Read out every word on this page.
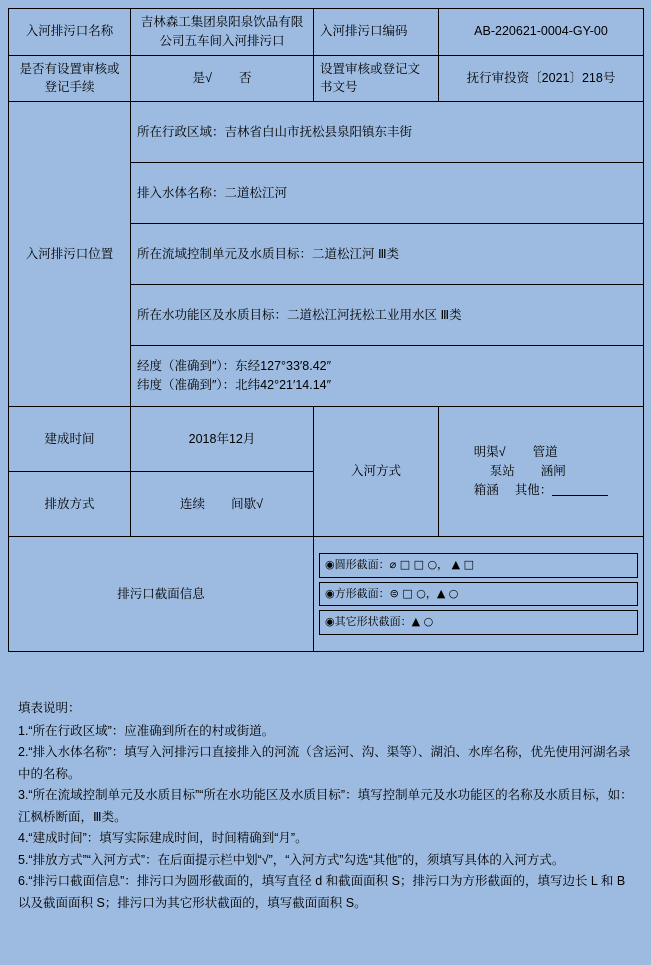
入河排污口名称	吉林森工集团泉阳泉饮品有限公司五车间入河排污口	入河排污口编码	AB-220621-0004-GY-00
是否有设置审核或登记手续	是√ 否	设置审核或登记文书文号	抚行审投资〔2021〕218号
入河排污口位置	所在行政区域：吉林省白山市抚松县泉阳镇东丰街		
	排入水体名称：二道松江河		
	所在流域控制单元及水质目标：二道松江河 Ⅲ类		
	所在水功能区及水质目标：二道松江河抚松工业用水区 Ⅲ类		

	经度（准确到″）：东经127°33′8.42″
纬度（准确到″）：北纬42°21′14.14″		

建成时间	2018年12月	入河方式	明渠√ 管道
泵站 涵闸
箱涵 其他：

排放方式	连续 间歇√		
排污口截面信息		◉圆形截面：⌀ □ □ ○， ▲ □
◉方形截面：⊜ □ ○，▲ ○
◉其它形状截面：▲ ○	

填表说明：

1.“所在行政区域”：应准确到所在的村或街道。

2.“排入水体名称”：填写入河排污口直接排入的河流（含运河、沟、渠等）、湖泊、水库名称，优先使用河湖名录中的名称。

3.“所在流域控制单元及水质目标”“所在水功能区及水质目标”：填写控制单元及水功能区的名称及水质目标，如：江枫桥断面，Ⅲ类。

4.“建成时间”：填写实际建成时间，时间精确到“月”。

5.“排放方式”“入河方式”：在后面提示栏中划“√”，“入河方式”勾选“其他”的，须填写具体的入河方式。

6.“排污口截面信息”：排污口为圆形截面的，填写直径 d 和截面面积 S；排污口为方形截面的，填写边长 L 和 B 以及截面面积 S；排污口为其它形状截面的，填写截面面积 S。
